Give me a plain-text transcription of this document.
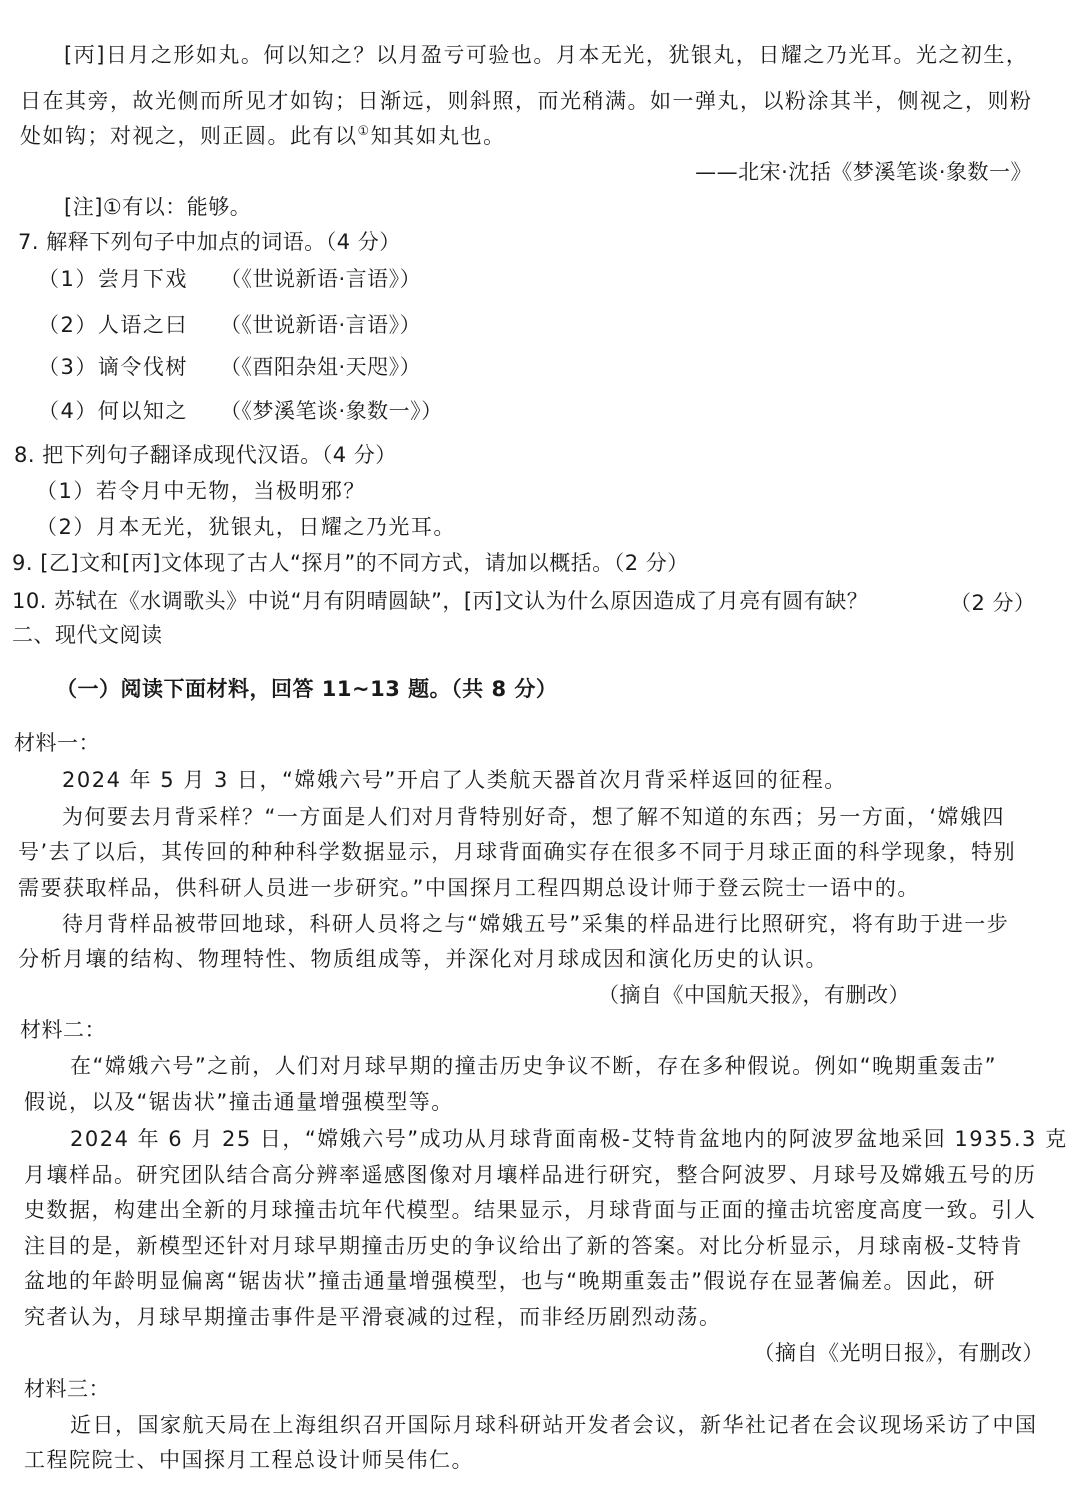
[丙]日月之形如丸。何以知之？以月盈亏可验也。月本无光，犹银丸，日耀之乃光耳。光之初生，
日在其旁，故光侧而所见才如钩；日渐远，则斜照，而光稍满。如一弹丸，以粉涂其半，侧视之，则粉
处如钩；对视之，则正圆。此有以①知其如丸也。
——北宋·沈括《梦溪笔谈·象数一》
[注]①有以：能够。
7. 解释下列句子中加点的词语。（4 分）
（1）尝月下戏 （《世说新语·言语》）
（2）人语之曰 （《世说新语·言语》）
（3）谪令伐树 （《酉阳杂俎·天咫》）
（4）何以知之 （《梦溪笔谈·象数一》）
8. 把下列句子翻译成现代汉语。（4 分）
（1）若令月中无物，当极明邪？
（2）月本无光，犹银丸，日耀之乃光耳。
9. [乙]文和[丙]文体现了古人“探月”的不同方式，请加以概括。（2 分）
10. 苏轼在《水调歌头》中说“月有阴晴圆缺”，[丙]文认为什么原因造成了月亮有圆有缺？	（2 分）
二、现代文阅读
（一）阅读下面材料，回答 11~13 题。（共 8 分）
材料一：
2024 年 5 月 3 日，“嫦娥六号”开启了人类航天器首次月背采样返回的征程。
为何要去月背采样？“一方面是人们对月背特别好奇，想了解不知道的东西；另一方面，‘嫦娥四
号’去了以后，其传回的种种科学数据显示，月球背面确实存在很多不同于月球正面的科学现象，特别
需要获取样品，供科研人员进一步研究。”中国探月工程四期总设计师于登云院士一语中的。
待月背样品被带回地球，科研人员将之与“嫦娥五号”采集的样品进行比照研究，将有助于进一步
分析月壤的结构、物理特性、物质组成等，并深化对月球成因和演化历史的认识。
（摘自《中国航天报》，有删改）
材料二：
在“嫦娥六号”之前，人们对月球早期的撞击历史争议不断，存在多种假说。例如“晚期重轰击”
假说，以及“锯齿状”撞击通量增强模型等。
2024 年 6 月 25 日，“嫦娥六号”成功从月球背面南极-艾特肯盆地内的阿波罗盆地采回 1935.3 克
月壤样品。研究团队结合高分辨率遥感图像对月壤样品进行研究，整合阿波罗、月球号及嫦娥五号的历
史数据，构建出全新的月球撞击坑年代模型。结果显示，月球背面与正面的撞击坑密度高度一致。引人
注目的是，新模型还针对月球早期撞击历史的争议给出了新的答案。对比分析显示，月球南极-艾特肯
盆地的年龄明显偏离“锯齿状”撞击通量增强模型，也与“晚期重轰击”假说存在显著偏差。因此，研
究者认为，月球早期撞击事件是平滑衰减的过程，而非经历剧烈动荡。
（摘自《光明日报》，有删改）
材料三：
近日，国家航天局在上海组织召开国际月球科研站开发者会议，新华社记者在会议现场采访了中国
工程院院士、中国探月工程总设计师吴伟仁。
